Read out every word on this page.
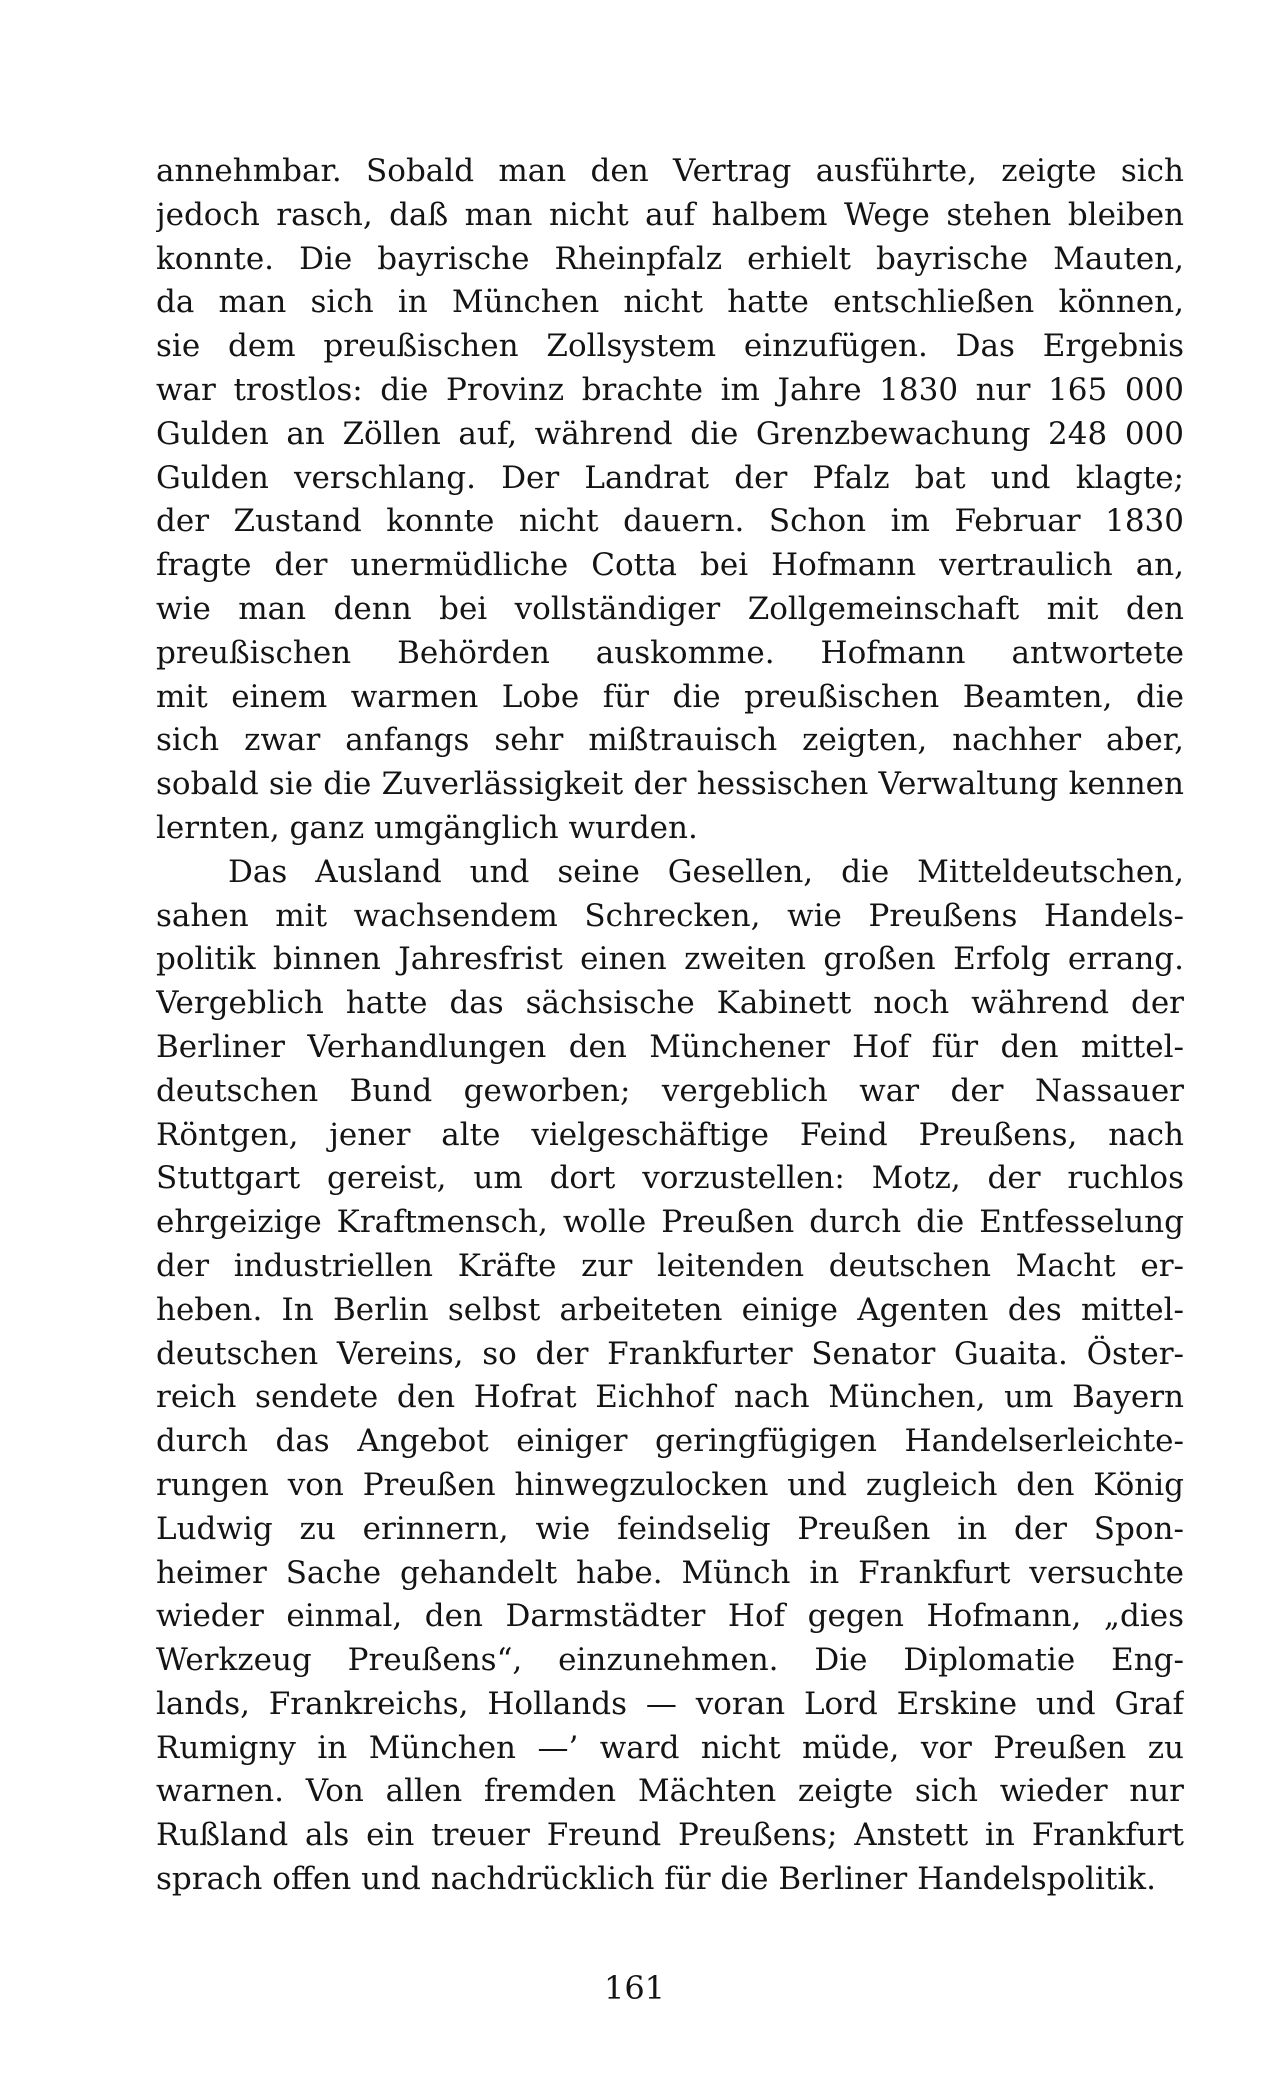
annehmbar. Sobald man den Vertrag ausführte, zeigte sich
jedoch rasch, daß man nicht auf halbem Wege stehen bleiben
konnte. Die bayrische Rheinpfalz erhielt bayrische Mauten,
da man sich in München nicht hatte entschließen können,
sie dem preußischen Zollsystem einzufügen. Das Ergebnis
war trostlos: die Provinz brachte im Jahre 1830 nur 165 000
Gulden an Zöllen auf, während die Grenzbewachung 248 000
Gulden verschlang. Der Landrat der Pfalz bat und klagte;
der Zustand konnte nicht dauern. Schon im Februar 1830
fragte der unermüdliche Cotta bei Hofmann vertraulich an,
wie man denn bei vollständiger Zollgemeinschaft mit den
preußischen Behörden auskomme. Hofmann antwortete
mit einem warmen Lobe für die preußischen Beamten, die
sich zwar anfangs sehr mißtrauisch zeigten, nachher aber,
sobald sie die Zuverlässigkeit der hessischen Verwaltung kennen
lernten, ganz umgänglich wurden.
Das Ausland und seine Gesellen, die Mitteldeutschen,
sahen mit wachsendem Schrecken, wie Preußens Handels-
politik binnen Jahresfrist einen zweiten großen Erfolg errang.
Vergeblich hatte das sächsische Kabinett noch während der
Berliner Verhandlungen den Münchener Hof für den mittel-
deutschen Bund geworben; vergeblich war der Nassauer
Röntgen, jener alte vielgeschäftige Feind Preußens, nach
Stuttgart gereist, um dort vorzustellen: Motz, der ruchlos
ehrgeizige Kraftmensch, wolle Preußen durch die Entfesselung
der industriellen Kräfte zur leitenden deutschen Macht er-
heben. In Berlin selbst arbeiteten einige Agenten des mittel-
deutschen Vereins, so der Frankfurter Senator Guaita. Öster-
reich sendete den Hofrat Eichhof nach München, um Bayern
durch das Angebot einiger geringfügigen Handelserleichte-
rungen von Preußen hinwegzulocken und zugleich den König
Ludwig zu erinnern, wie feindselig Preußen in der Spon-
heimer Sache gehandelt habe. Münch in Frankfurt versuchte
wieder einmal, den Darmstädter Hof gegen Hofmann, „dies
Werkzeug Preußens“, einzunehmen. Die Diplomatie Eng-
lands, Frankreichs, Hollands — voran Lord Erskine und Graf
Rumigny in München —’ ward nicht müde, vor Preußen zu
warnen. Von allen fremden Mächten zeigte sich wieder nur
Rußland als ein treuer Freund Preußens; Anstett in Frankfurt
sprach offen und nachdrücklich für die Berliner Handelspolitik.
161
